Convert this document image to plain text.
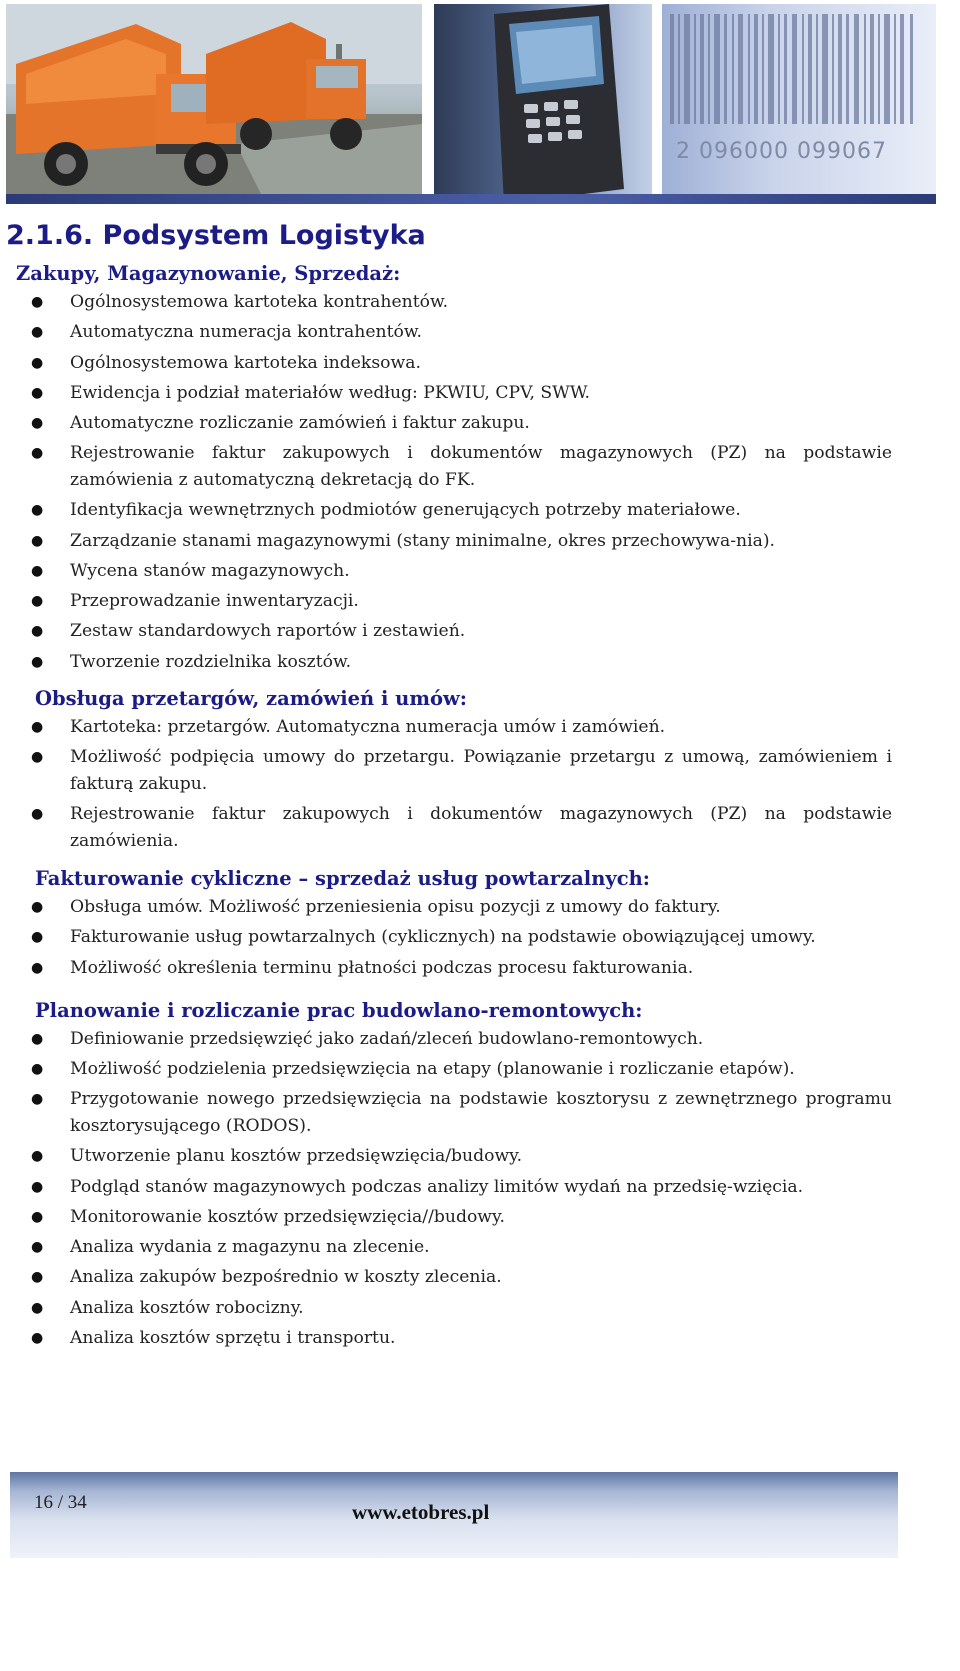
2 096000 099067
2.1.6. Podsystem Logistyka
Zakupy, Magazynowanie, Sprzedaż:
● Ogólnosystemowa kartoteka kontrahentów.
● Automatyczna numeracja kontrahentów.
● Ogólnosystemowa kartoteka indeksowa.
● Ewidencja i podział materiałów według: PKWIU, CPV, SWW.
● Automatyczne rozliczanie zamówień i faktur zakupu.
● Rejestrowanie faktur zakupowych i dokumentów magazynowych (PZ) na podstawie zamówienia z automatyczną dekretacją do FK.
● Identyfikacja wewnętrznych podmiotów generujących potrzeby materiałowe.
● Zarządzanie stanami magazynowymi (stany minimalne, okres przechowywa-nia).
● Wycena stanów magazynowych.
● Przeprowadzanie inwentaryzacji.
● Zestaw standardowych raportów i zestawień.
● Tworzenie rozdzielnika kosztów.
Obsługa przetargów, zamówień i umów:
● Kartoteka: przetargów. Automatyczna numeracja umów i zamówień.
● Możliwość podpięcia umowy do przetargu. Powiązanie przetargu z umową, zamówieniem i fakturą zakupu.
● Rejestrowanie faktur zakupowych i dokumentów magazynowych (PZ) na podstawie zamówienia.
Fakturowanie cykliczne – sprzedaż usług powtarzalnych:
● Obsługa umów. Możliwość przeniesienia opisu pozycji z umowy do faktury.
● Fakturowanie usług powtarzalnych (cyklicznych) na podstawie obowiązującej umowy.
● Możliwość określenia terminu płatności podczas procesu fakturowania.
Planowanie i rozliczanie prac budowlano-remontowych:
● Definiowanie przedsięwzięć jako zadań/zleceń budowlano-remontowych.
● Możliwość podzielenia przedsięwzięcia na etapy (planowanie i rozliczanie etapów).
● Przygotowanie nowego przedsięwzięcia na podstawie kosztorysu z zewnętrznego programu kosztorysującego (RODOS).
● Utworzenie planu kosztów przedsięwzięcia/budowy.
● Podgląd stanów magazynowych podczas analizy limitów wydań na przedsię-wzięcia.
● Monitorowanie kosztów przedsięwzięcia//budowy.
● Analiza wydania z magazynu na zlecenie.
● Analiza zakupów bezpośrednio w koszty zlecenia.
● Analiza kosztów robocizny.
● Analiza kosztów sprzętu i transportu.
16 / 34	www.etobres.pl
